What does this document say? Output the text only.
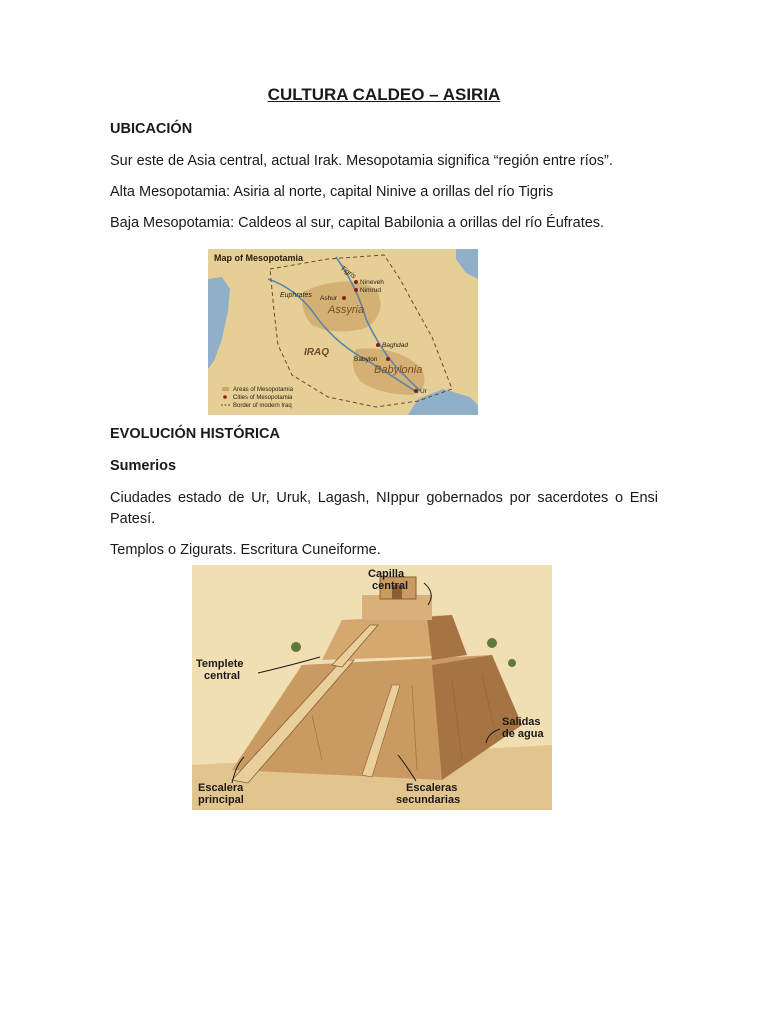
CULTURA CALDEO – ASIRIA
UBICACIÓN
Sur este de Asia central, actual Irak. Mesopotamia significa “región entre ríos”.
Alta Mesopotamia: Asiria al norte, capital Ninive a orillas del río Tigris
Baja Mesopotamia: Caldeos al sur, capital Babilonia a orillas del río Éufrates.
Map of Mesopotamia
Tigris
Euphrates
Nineveh
Nimrud
Ashur
Assyria
IRAQ
Baghdad
Babylon
Babylonia
Ur
Areas of Mesopotamia
Cities of Mesopotamia
Border of modern Iraq
EVOLUCIÓN HISTÓRICA
Sumerios
Ciudades estado de Ur, Uruk, Lagash, NIppur gobernados por sacerdotes o Ensi Patesí.
Templos o Zigurats. Escritura Cuneiforme.
Capilla
central
Templete
central
Salidas
de agua
Escalera
principal
Escaleras
secundarias
